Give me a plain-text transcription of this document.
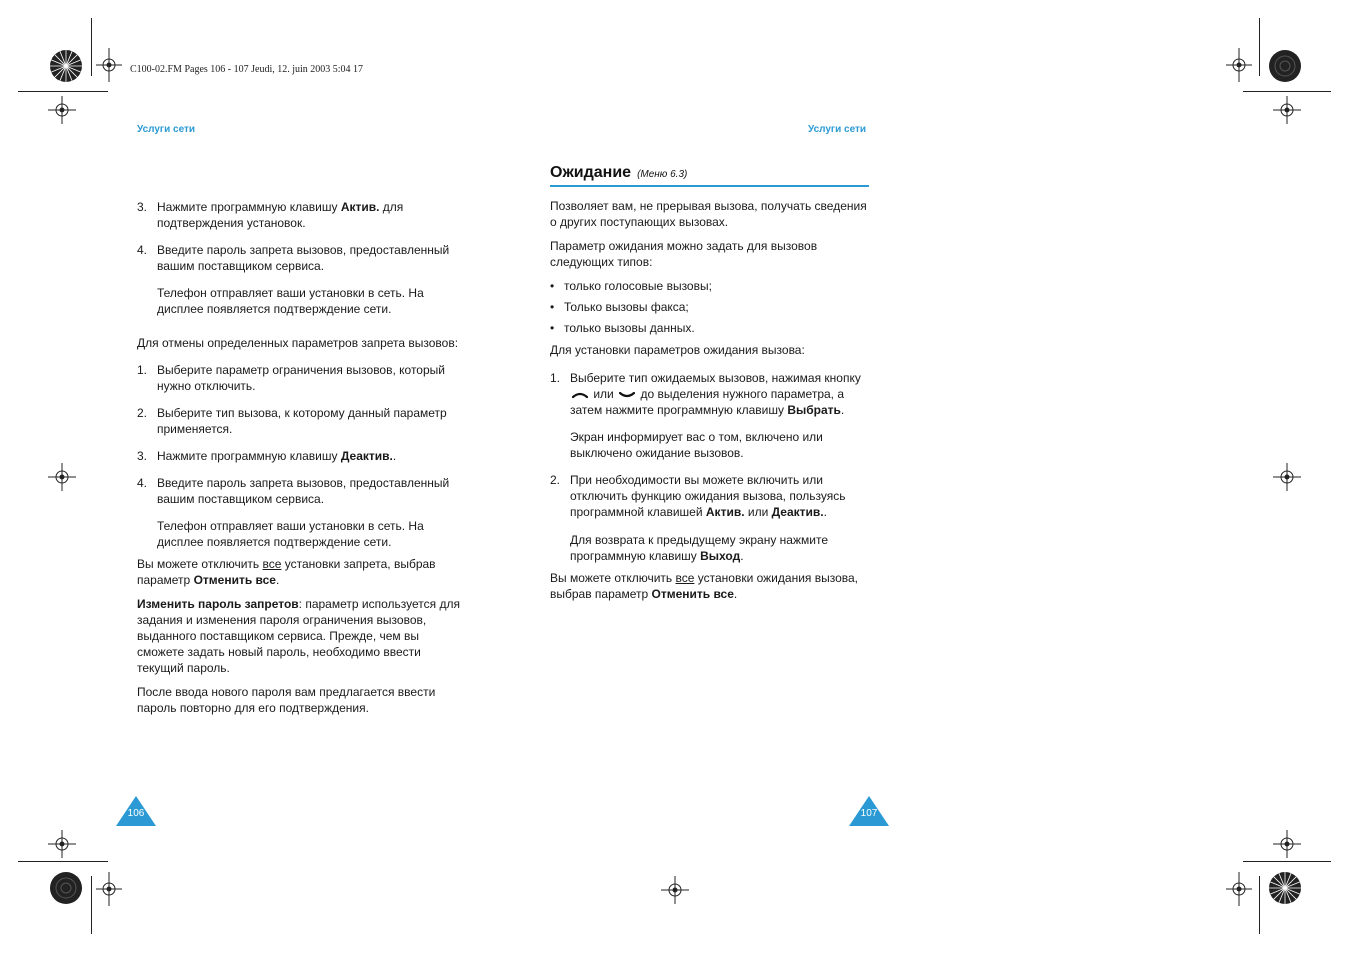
C100-02.FM Pages 106 - 107 Jeudi, 12. juin 2003 5:04 17
Услуги сети	Услуги сети
3. Нажмите программную клавишу Актив. для подтверждения установок.
4. Введите пароль запрета вызовов, предоставленный вашим поставщиком сервиса.

Телефон отправляет ваши установки в сеть. На дисплее появляется подтверждение сети.

Для отмены определенных параметров запрета вызовов:

1. Выберите параметр ограничения вызовов, который нужно отключить.
2. Выберите тип вызова, к которому данный параметр применяется.
3. Нажмите программную клавишу Деактив..
4. Введите пароль запрета вызовов, предоставленный вашим поставщиком сервиса.

Телефон отправляет ваши установки в сеть. На дисплее появляется подтверждение сети.

Вы можете отключить все установки запрета, выбрав параметр Отменить все.

Изменить пароль запретов: параметр используется для задания и изменения пароля ограничения вызовов, выданного поставщиком сервиса. Прежде, чем вы сможете задать новый пароль, необходимо ввести текущий пароль.

После ввода нового пароля вам предлагается ввести пароль повторно для его подтверждения.

Ожидание (Меню 6.3)

Позволяет вам, не прерывая вызова, получать сведения о других поступающих вызовах.

Параметр ожидания можно задать для вызовов следующих типов:

• только голосовые вызовы;
• Только вызовы факса;
• только вызовы данных.

Для установки параметров ожидания вызова:

1. Выберите тип ожидаемых вызовов, нажимая кнопку  или до выделения нужного параметра, а затем нажмите программную клавишу Выбрать.

Экран информирует вас о том, включено или выключено ожидание вызовов.

2. При необходимости вы можете включить или отключить функцию ожидания вызова, пользуясь программной клавишей Актив. или Деактив..

Для возврата к предыдущему экрану нажмите программную клавишу Выход.

Вы можете отключить все установки ожидания вызова, выбрав параметр Отменить все.

106	107
